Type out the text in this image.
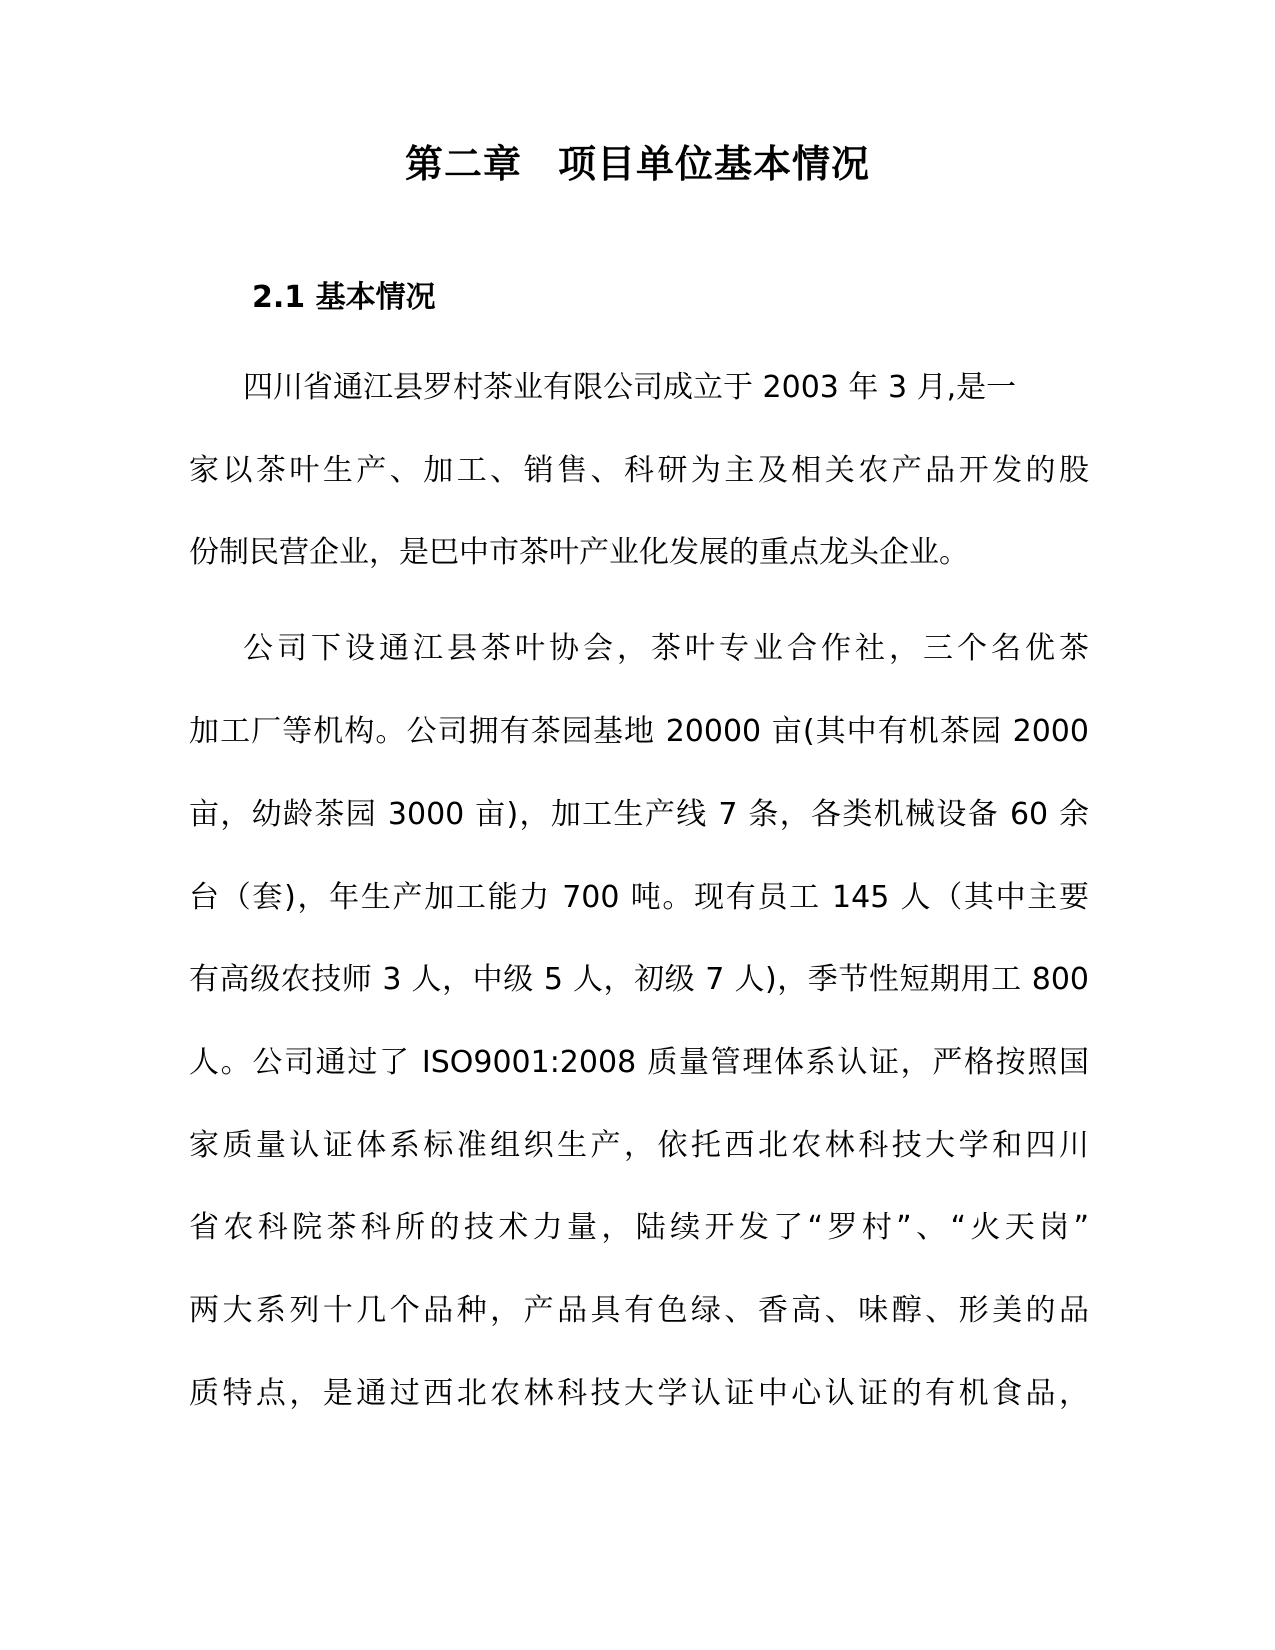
第二章 项目单位基本情况
2.1 基本情况

四川省通江县罗村茶业有限公司成立于 2003 年 3 月,是一

家以茶叶生产、加工、销售、科研为主及相关农产品开发的股

份制民营企业，是巴中市茶叶产业化发展的重点龙头企业。

公司下设通江县茶叶协会，茶叶专业合作社，三个名优茶

加工厂等机构。公司拥有茶园基地 20000 亩(其中有机茶园 2000

亩，幼龄茶园 3000 亩)，加工生产线 7 条，各类机械设备 60 余

台（套)，年生产加工能力 700 吨。现有员工 145 人（其中主要

有高级农技师 3 人，中级 5 人，初级 7 人)，季节性短期用工 800

人。公司通过了 ISO9001:2008 质量管理体系认证，严格按照国

家质量认证体系标准组织生产，依托西北农林科技大学和四川

省农科院茶科所的技术力量，陆续开发了“罗村”、“火天岗”

两大系列十几个品种，产品具有色绿、香高、味醇、形美的品

质特点，是通过西北农林科技大学认证中心认证的有机食品，
